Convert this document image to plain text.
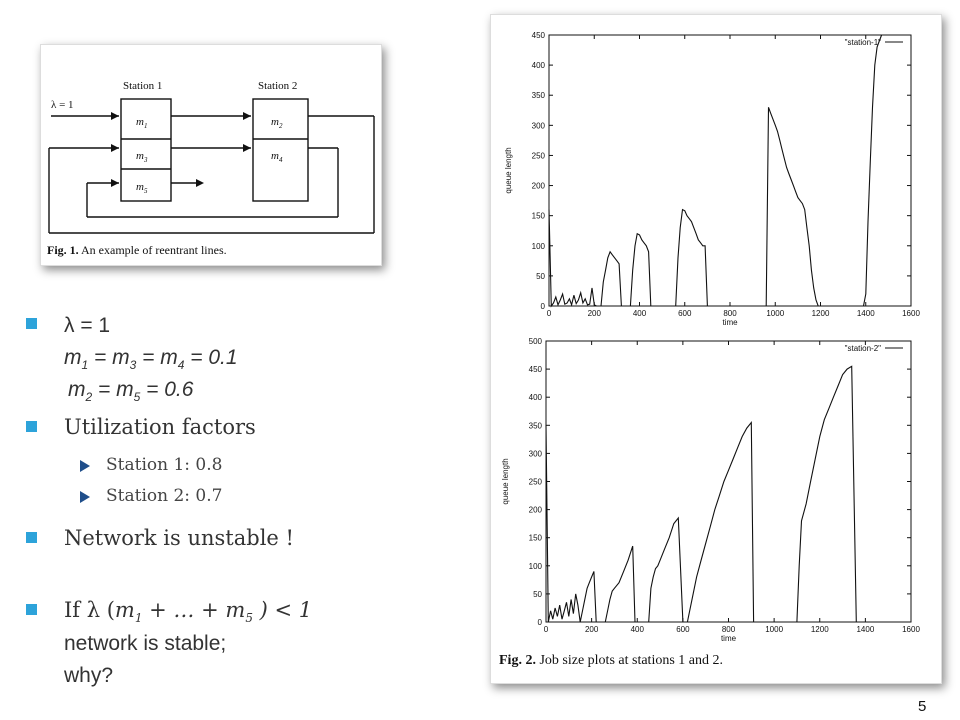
Station 1	Station 2
λ = 1
$m_1$	$m_2$
$m_3$	$m_4$
$m_5$
Fig. 1. An example of reentrant lines.
λ = 1
$m_1 = m_3 = m_4 = 0.1$
$m_2 = m_5 = 0.6$
Utilization factors
Station 1: 0.8
Station 2: 0.7
Network is unstable !
If λ ($m_1$ + … + $m_5$ ) < 1
network is stable;
why?
0
50
100
150
200
250
300
350
400
450
0	200	400	600	800	1000	1200	1400	1600
time
queue length
"station-1"
0
50
100
150
200
250
300
350
400
450
500
0	200	400	600	800	1000	1200	1400	1600
time
queue length
"station-2"
Fig. 2. Job size plots at stations 1 and 2.
5
